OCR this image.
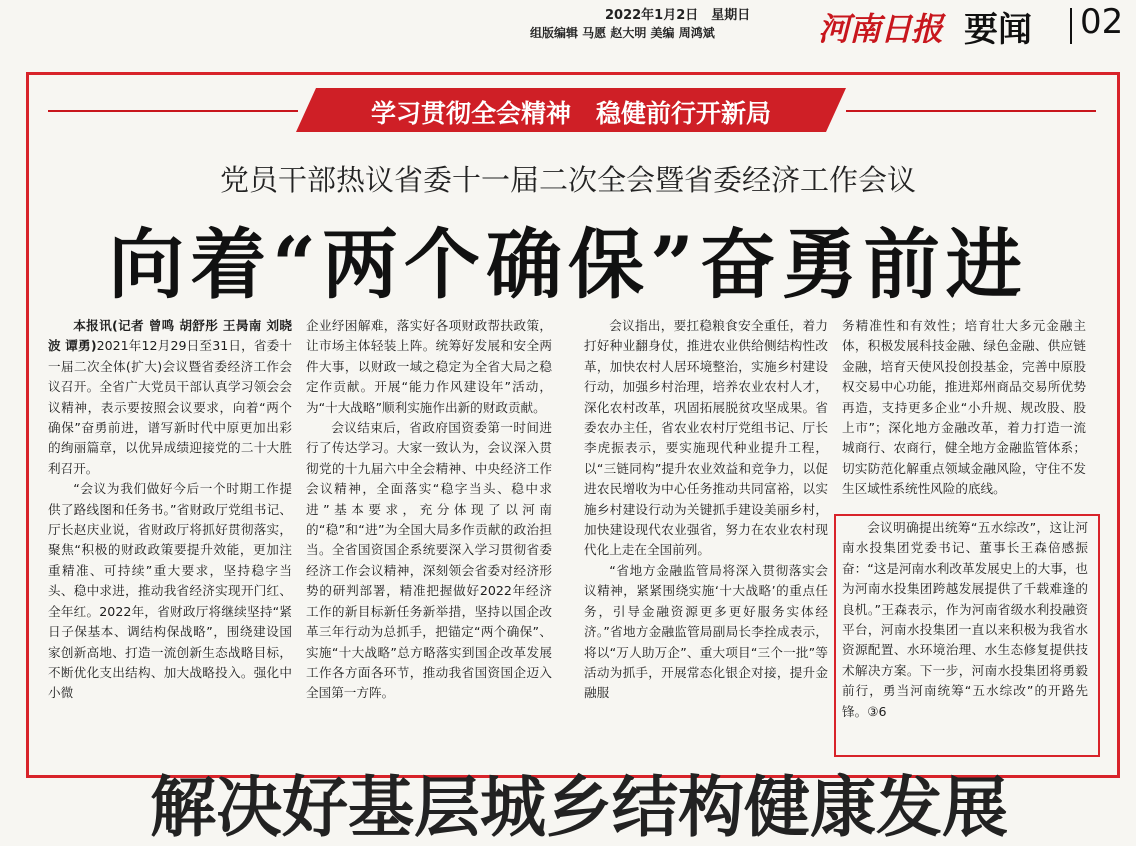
2022年1月2日　星期日
组版编辑 马愿 赵大明 美编 周鸿斌	河南日报 要闻 02
学习贯彻全会精神　稳健前行开新局
党员干部热议省委十一届二次全会暨省委经济工作会议
向着“两个确保”奋勇前进

本报讯(记者 曾鸣 胡舒彤 王昺南 刘晓波 谭勇)2021年12月29日至31日，省委十一届二次全体(扩大)会议暨省委经济工作会议召开。全省广大党员干部认真学习领会会议精神，表示要按照会议要求，向着“两个确保”奋勇前进，谱写新时代中原更加出彩的绚丽篇章，以优异成绩迎接党的二十大胜利召开。

“会议为我们做好今后一个时期工作提供了路线图和任务书。”省财政厅党组书记、厅长赵庆业说，省财政厅将抓好贯彻落实，聚焦“积极的财政政策要提升效能，更加注重精准、可持续”重大要求，坚持稳字当头、稳中求进，推动我省经济实现开门红、全年红。2022年，省财政厅将继续坚持“紧日子保基本、调结构保战略”，围绕建设国家创新高地、打造一流创新生态战略目标，不断优化支出结构、加大战略投入。强化中小微

企业纾困解难，落实好各项财政帮扶政策，让市场主体轻装上阵。统筹好发展和安全两件大事，以财政一域之稳定为全省大局之稳定作贡献。开展“能力作风建设年”活动，为“十大战略”顺利实施作出新的财政贡献。

会议结束后，省政府国资委第一时间进行了传达学习。大家一致认为，会议深入贯彻党的十九届六中全会精神、中央经济工作会议精神，全面落实“稳字当头、稳中求进”基本要求，充分体现了以河南的“稳”和“进”为全国大局多作贡献的政治担当。全省国资国企系统要深入学习贯彻省委经济工作会议精神，深刻领会省委对经济形势的研判部署，精准把握做好2022年经济工作的新目标新任务新举措，坚持以国企改革三年行动为总抓手，把锚定“两个确保”、实施“十大战略”总方略落实到国企改革发展工作各方面各环节，推动我省国资国企迈入全国第一方阵。

会议指出，要扛稳粮食安全重任，着力打好种业翻身仗，推进农业供给侧结构性改革，加快农村人居环境整治，实施乡村建设行动，加强乡村治理，培养农业农村人才，深化农村改革，巩固拓展脱贫攻坚成果。省委农办主任，省农业农村厅党组书记、厅长李虎振表示，要实施现代种业提升工程，以“三链同构”提升农业效益和竞争力，以促进农民增收为中心任务推动共同富裕，以实施乡村建设行动为关键抓手建设美丽乡村，加快建设现代农业强省，努力在农业农村现代化上走在全国前列。

“省地方金融监管局将深入贯彻落实会议精神，紧紧围绕实施‘十大战略’的重点任务，引导金融资源更多更好服务实体经济。”省地方金融监管局副局长李拴成表示，将以“万人助万企”、重大项目“三个一批”等活动为抓手，开展常态化银企对接，提升金融服

务精准性和有效性；培育壮大多元金融主体，积极发展科技金融、绿色金融、供应链金融，培育天使风投创投基金，完善中原股权交易中心功能，推进郑州商品交易所优势再造，支持更多企业“小升规、规改股、股上市”；深化地方金融改革，着力打造一流城商行、农商行，健全地方金融监管体系；切实防范化解重点领域金融风险，守住不发生区域性系统性风险的底线。

会议明确提出统筹“五水综改”，这让河南水投集团党委书记、董事长王森倍感振奋：“这是河南水利改革发展史上的大事，也为河南水投集团跨越发展提供了千载难逢的良机。”王森表示，作为河南省级水利投融资平台，河南水投集团一直以来积极为我省水资源配置、水环境治理、水生态修复提供技术解决方案。下一步，河南水投集团将勇毅前行，勇当河南统筹“五水综改”的开路先锋。③6

解决好基层城乡结构健康发展
